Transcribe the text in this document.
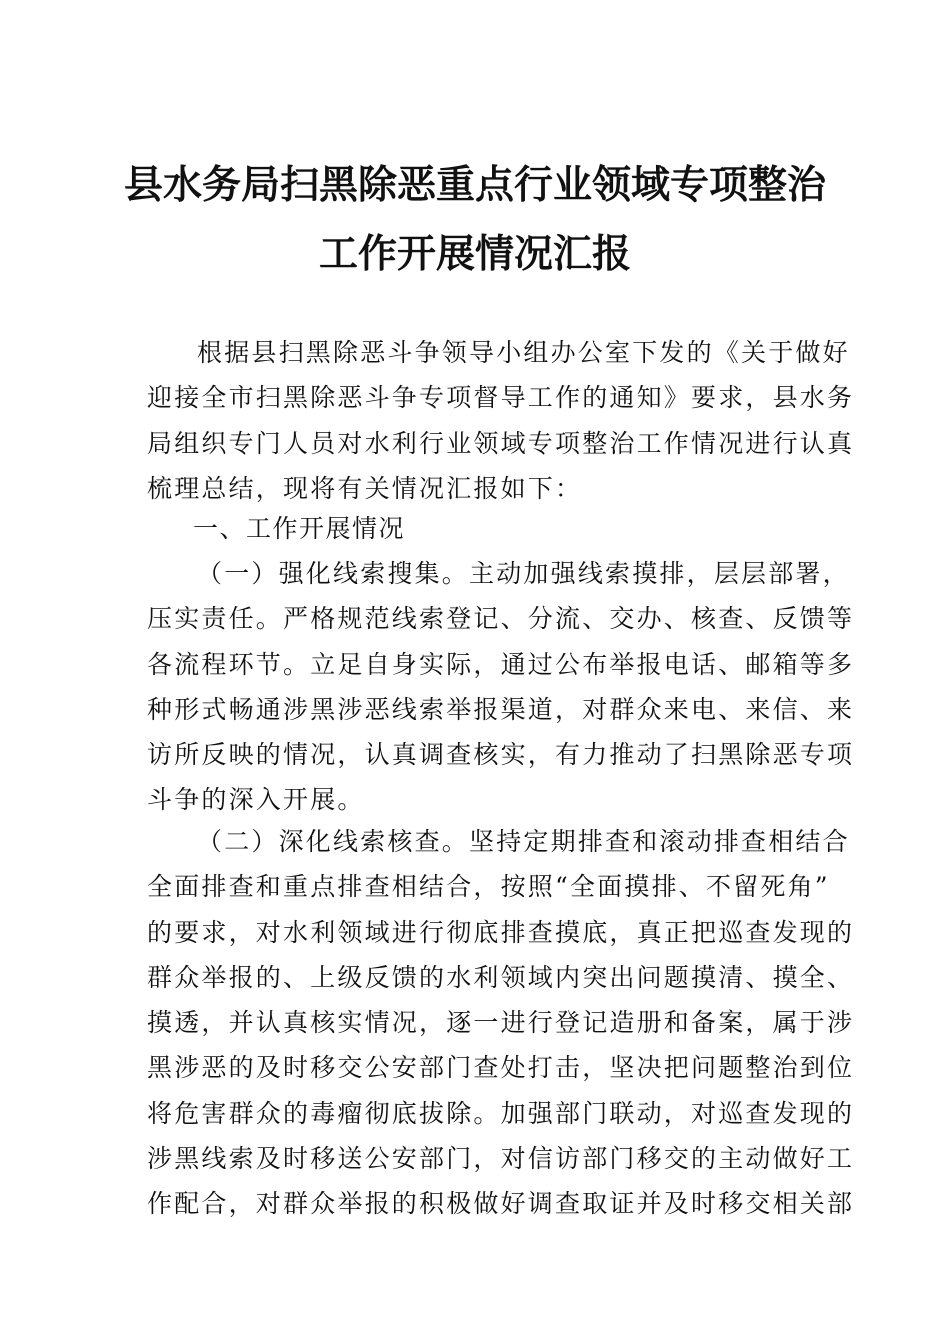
县水务局扫黑除恶重点行业领域专项整治
工作开展情况汇报
根据县扫黑除恶斗争领导小组办公室下发的《关于做好
迎接全市扫黑除恶斗争专项督导工作的通知》要求，县水务
局组织专门人员对水利行业领域专项整治工作情况进行认真
梳理总结，现将有关情况汇报如下：
一、工作开展情况
（一）强化线索搜集。主动加强线索摸排，层层部署，
压实责任。严格规范线索登记、分流、交办、核查、反馈等
各流程环节。立足自身实际，通过公布举报电话、邮箱等多
种形式畅通涉黑涉恶线索举报渠道，对群众来电、来信、来
访所反映的情况，认真调查核实，有力推动了扫黑除恶专项
斗争的深入开展。
（二）深化线索核查。坚持定期排查和滚动排查相结合
全面排查和重点排查相结合，按照“全面摸排、不留死角”
的要求，对水利领域进行彻底排查摸底，真正把巡查发现的
群众举报的、上级反馈的水利领域内突出问题摸清、摸全、
摸透，并认真核实情况，逐一进行登记造册和备案，属于涉
黑涉恶的及时移交公安部门查处打击，坚决把问题整治到位
将危害群众的毒瘤彻底拔除。加强部门联动，对巡查发现的
涉黑线索及时移送公安部门，对信访部门移交的主动做好工
作配合，对群众举报的积极做好调查取证并及时移交相关部
